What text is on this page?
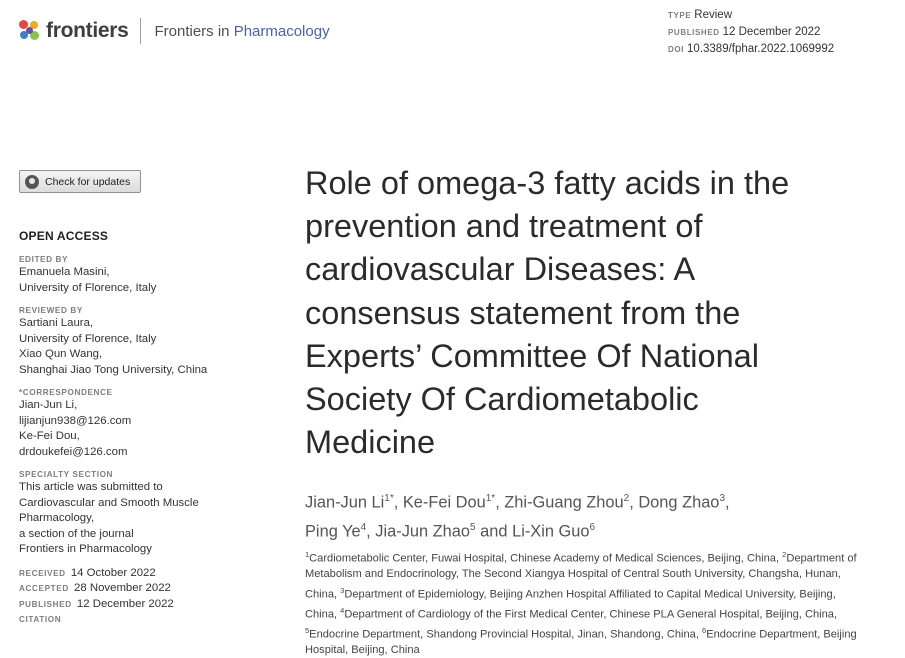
frontiers Frontiers in Pharmacology
TYPE Review
PUBLISHED 12 December 2022
DOI 10.3389/fphar.2022.1069992
Check for updates
OPEN ACCESS
EDITED BY
Emanuela Masini,
University of Florence, Italy
REVIEWED BY
Sartiani Laura,
University of Florence, Italy
Xiao Qun Wang,
Shanghai Jiao Tong University, China
*CORRESPONDENCE
Jian-Jun Li,
lijianjun938@126.com
Ke-Fei Dou,
drdoukefei@126.com
SPECIALTY SECTION
This article was submitted to
Cardiovascular and Smooth Muscle
Pharmacology,
a section of the journal
Frontiers in Pharmacology
RECEIVED 14 October 2022
ACCEPTED 28 November 2022
PUBLISHED 12 December 2022
CITATION
Role of omega-3 fatty acids in the
prevention and treatment of
cardiovascular Diseases: A
consensus statement from the
Experts’ Committee Of National
Society Of Cardiometabolic
Medicine
Jian-Jun $Li^{1*}$, Ke-Fei Dou$^{1*}$, Zhi-Guang Zhou$^2$, Dong Zhao$^3$,
Ping Ye$^4$, Jia-Jun Zhao$^5$ and Li-Xin Guo$^6$
$^1$Cardiometabolic Center, Fuwai Hospital, Chinese Academy of Medical Sciences, Beijing, China, $^2$Department of Metabolism and Endocrinology, The Second Xiangya Hospital of Central South University, Changsha, Hunan, China, $^3$Department of Epidemiology, Beijing Anzhen Hospital Affiliated to Capital Medical University, Beijing, China, $^4$Department of Cardiology of the First Medical Center, Chinese PLA General Hospital, Beijing, China, $^5$Endocrine Department, Shandong Provincial Hospital, Jinan, Shandong, China, $^6$Endocrine Department, Beijing Hospital, Beijing, China
